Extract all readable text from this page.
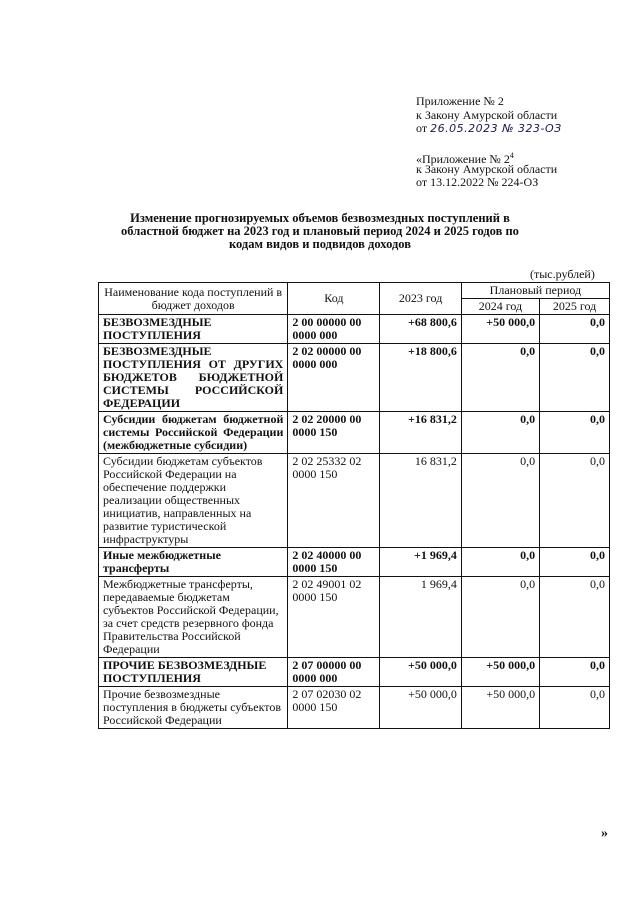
Приложение № 2
к Закону Амурской области
от 26.05.2023 № 323-ОЗ
«Приложение № $2^4$
к Закону Амурской области
от 13.12.2022 № 224-ОЗ
Изменение прогнозируемых объемов безвозмездных поступлений в областной бюджет на 2023 год и плановый период 2024 и 2025 годов по кодам видов и подвидов доходов
(тыс.рублей)
Наименование кода поступлений в бюджет доходов	Код	2023 год	Плановый период	
			2024 год	2025 год
БЕЗВОЗМЕЗДНЫЕ ПОСТУПЛЕНИЯ	2 00 00000 00 0000 000	+68 800,6	+50 000,0	0,0
БЕЗВОЗМЕЗДНЫЕ ПОСТУПЛЕНИЯ ОТ ДРУГИХ БЮДЖЕТОВ БЮДЖЕТНОЙ СИСТЕМЫ РОССИЙСКОЙ ФЕДЕРАЦИИ	2 02 00000 00 0000 000	+18 800,6	0,0	0,0
Субсидии бюджетам бюджетной системы Российской Федерации (межбюджетные субсидии)	2 02 20000 00 0000 150	+16 831,2	0,0	0,0
Субсидии бюджетам субъектов Российской Федерации на обеспечение поддержки реализации общественных инициатив, направленных на развитие туристической инфраструктуры	2 02 25332 02 0000 150	16 831,2	0,0	0,0
Иные межбюджетные трансферты	2 02 40000 00 0000 150	+1 969,4	0,0	0,0
Межбюджетные трансферты, передаваемые бюджетам субъектов Российской Федерации, за счет средств резервного фонда Правительства Российской Федерации	2 02 49001 02 0000 150	1 969,4	0,0	0,0
ПРОЧИЕ БЕЗВОЗМЕЗДНЫЕ ПОСТУПЛЕНИЯ	2 07 00000 00 0000 000	+50 000,0	+50 000,0	0,0
Прочие безвозмездные поступления в бюджеты субъектов Российской Федерации	2 07 02030 02 0000 150	+50 000,0	+50 000,0	0,0
»
